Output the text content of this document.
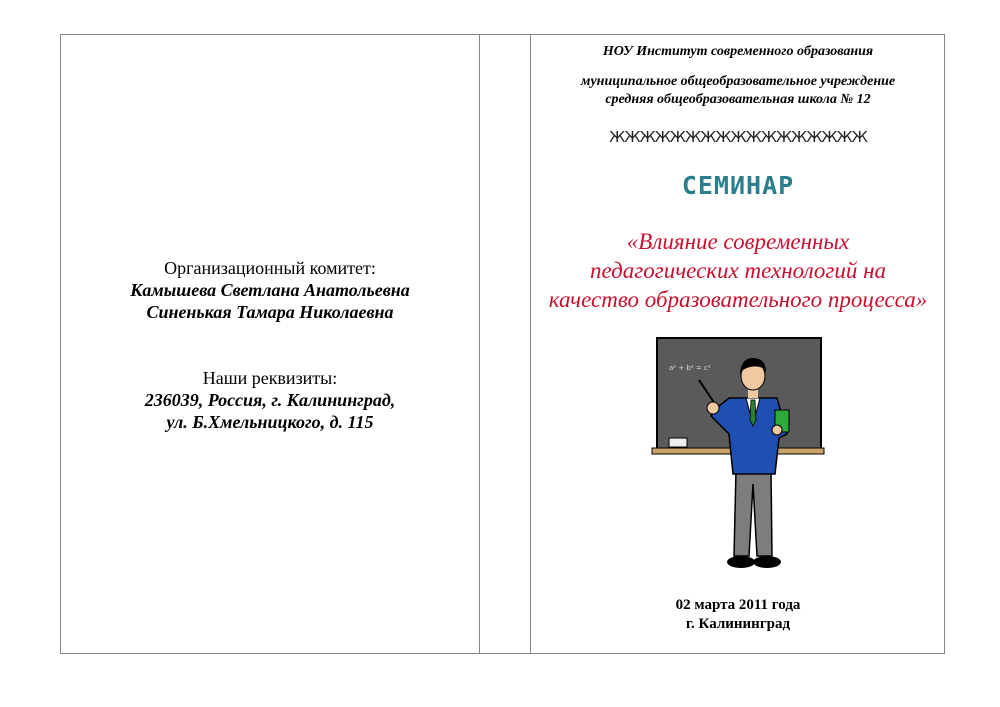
Организационный комитет:
Камышева Светлана Анатольевна
Синенькая Тамара Николаевна
Наши реквизиты:
236039, Россия, г. Калининград,
ул. Б.Хмельницкого, д. 115
НОУ Институт современного образования
муниципальное общеобразовательное учреждение
средняя общеобразовательная школа № 12
ЖЖЖЖЖЖЖЖЖЖЖЖЖЖЖЖЖ
СЕМИНАР
«Влияние современных
педагогических технологий на
качество образовательного процесса»
a² + b² = c²
02 марта 2011 года
г. Калининград
